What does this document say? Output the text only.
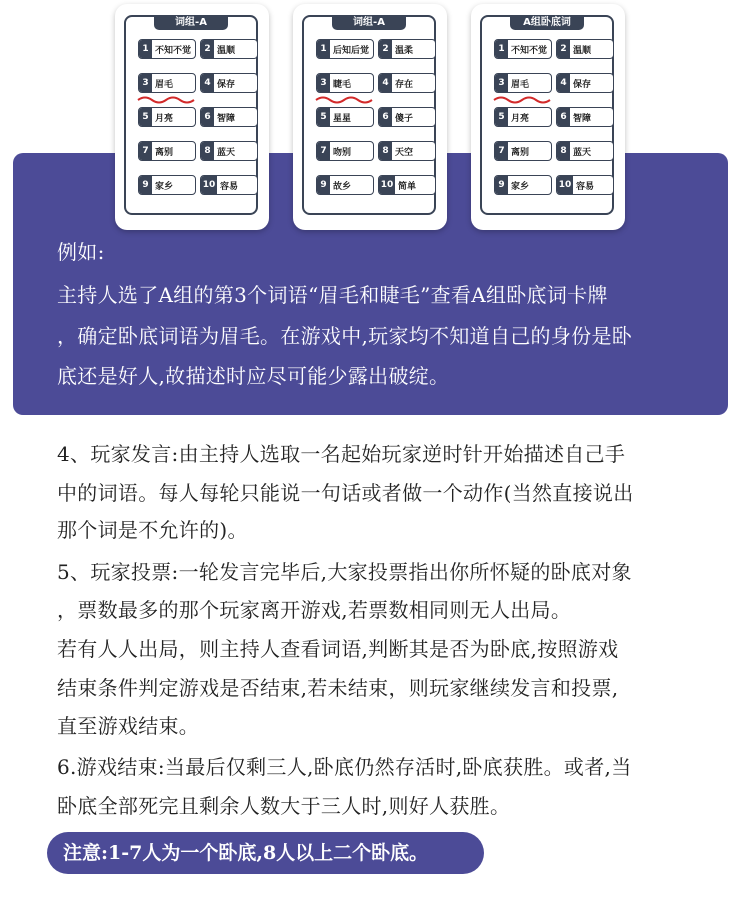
词组-A
1 不知不觉	2 温顺
3 眉毛	4 保存
5 月亮	6 智障
7 离别	8 蓝天
9 家乡	10 容易
词组-A
1 后知后觉	2 温柔
3 睫毛	4 存在
5 星星	6 傻子
7 吻别	8 天空
9 故乡	10 简单
A组卧底词
1 不知不觉	2 温顺
3 眉毛	4 保存
5 月亮	6 智障
7 离别	8 蓝天
9 家乡	10 容易
例如:
主持人选了A组的第3个词语“眉毛和睫毛”查看A组卧底词卡牌
，确定卧底词语为眉毛。在游戏中,玩家均不知道自己的身份是卧
底还是好人,故描述时应尽可能少露出破绽。
4、玩家发言:由主持人选取一名起始玩家逆时针开始描述自己手
中的词语。每人每轮只能说一句话或者做一个动作(当然直接说出
那个词是不允许的)。
5、玩家投票:一轮发言完毕后,大家投票指出你所怀疑的卧底对象
，票数最多的那个玩家离开游戏,若票数相同则无人出局。
若有人人出局，则主持人查看词语,判断其是否为卧底,按照游戏
结束条件判定游戏是否结束,若未结束，则玩家继续发言和投票,
直至游戏结束。
6.游戏结束:当最后仅剩三人,卧底仍然存活时,卧底获胜。或者,当
卧底全部死完且剩余人数大于三人时,则好人获胜。
注意:1-7人为一个卧底,8人以上二个卧底。
